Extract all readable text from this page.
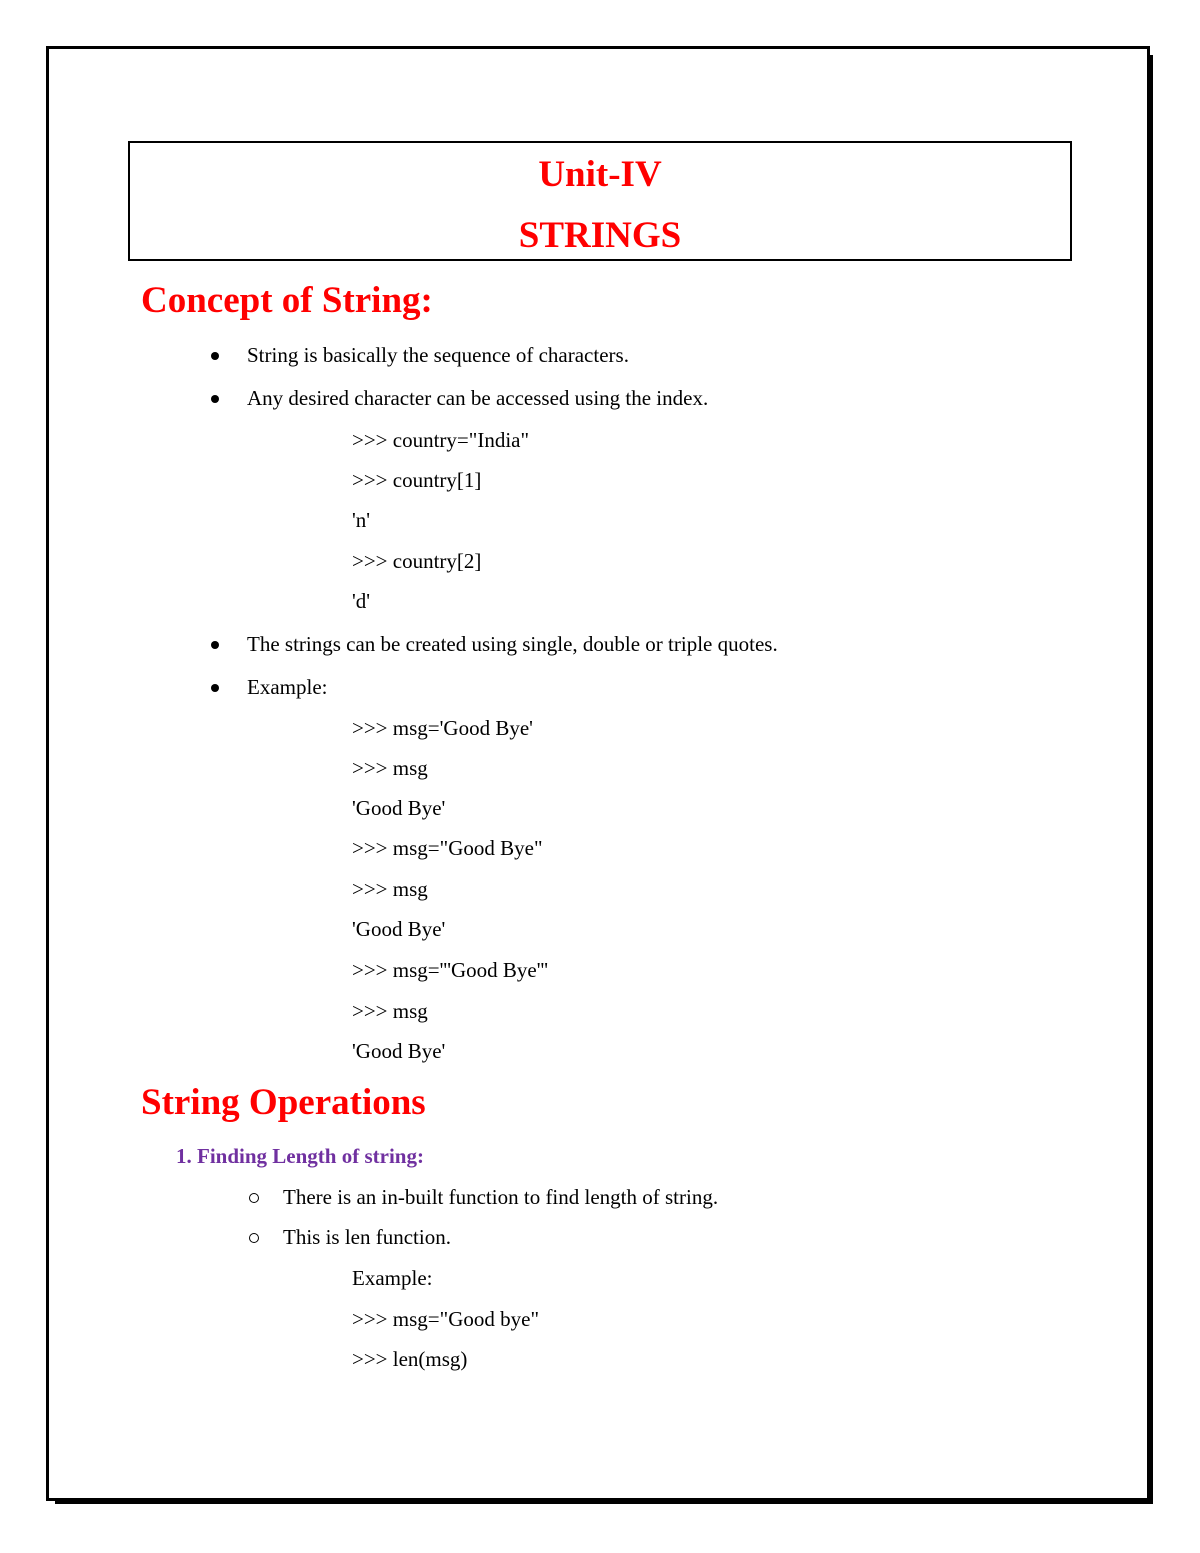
Unit-IV
STRINGS
Concept of String:
String is basically the sequence of characters.
Any desired character can be accessed using the index.
>>> country="India"
>>> country[1]
'n'
>>> country[2]
'd'
The strings can be created using single, double or triple quotes.
Example:
>>> msg='Good Bye'
>>> msg
'Good Bye'
>>> msg="Good Bye"
>>> msg
'Good Bye'
>>> msg='''Good Bye'''
>>> msg
'Good Bye'
String Operations
1. Finding Length of string:
There is an in-built function to find length of string.
This is len function.
Example:
>>> msg="Good bye"
>>> len(msg)
